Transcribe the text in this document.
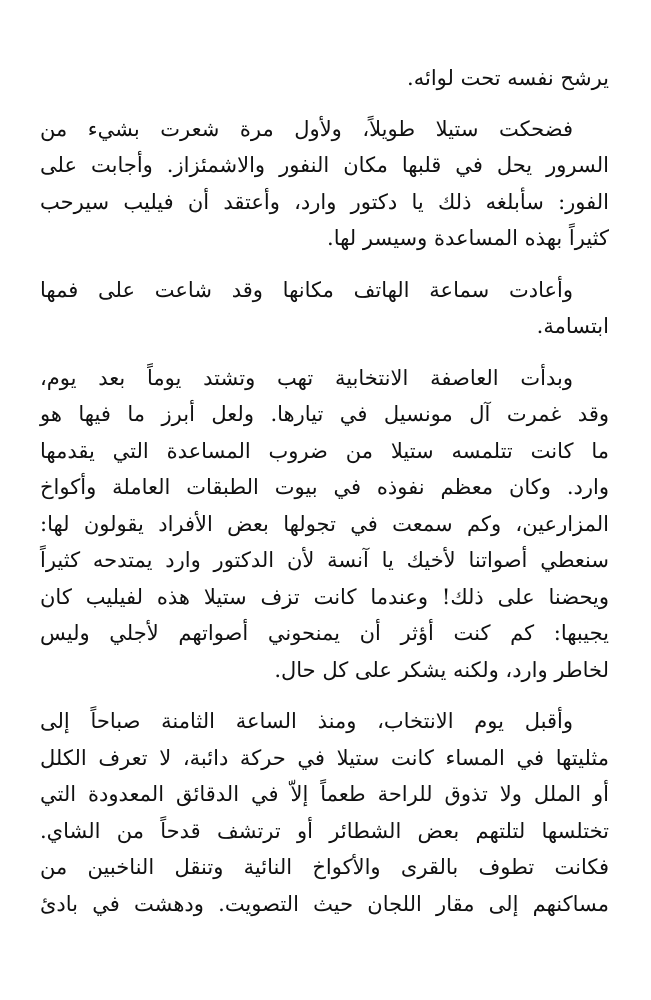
يرشح نفسه تحت لوائه.
فضحكت ستيلا طويلاً، ولأول مرة شعرت بشيء من
السرور يحل في قلبها مكان النفور والاشمئزاز. وأجابت على
الفور: سأبلغه ذلك يا دكتور وارد، وأعتقد أن فيليب سيرحب
كثيراً بهذه المساعدة وسيسر لها.
وأعادت سماعة الهاتف مكانها وقد شاعت على فمها
ابتسامة.
وبدأت العاصفة الانتخابية تهب وتشتد يوماً بعد يوم،
وقد غمرت آل مونسيل في تيارها. ولعل أبرز ما فيها هو
ما كانت تتلمسه ستيلا من ضروب المساعدة التي يقدمها
وارد. وكان معظم نفوذه في بيوت الطبقات العاملة وأكواخ
المزارعين، وكم سمعت في تجولها بعض الأفراد يقولون لها:
سنعطي أصواتنا لأخيك يا آنسة لأن الدكتور وارد يمتدحه كثيراً
ويحضنا على ذلك! وعندما كانت تزف ستيلا هذه لفيليب كان
يجيبها: كم كنت أؤثر أن يمنحوني أصواتهم لأجلي وليس
لخاطر وارد، ولكنه يشكر على كل حال.
وأقبل يوم الانتخاب، ومنذ الساعة الثامنة صباحاً إلى
مثليتها في المساء كانت ستيلا في حركة دائبة، لا تعرف الكلل
أو الملل ولا تذوق للراحة طعماً إلاّ في الدقائق المعدودة التي
تختلسها لتلتهم بعض الشطائر أو ترتشف قدحاً من الشاي.
فكانت تطوف بالقرى والأكواخ النائية وتنقل الناخبين من
مساكنهم إلى مقار اللجان حيث التصويت. ودهشت في بادئ
